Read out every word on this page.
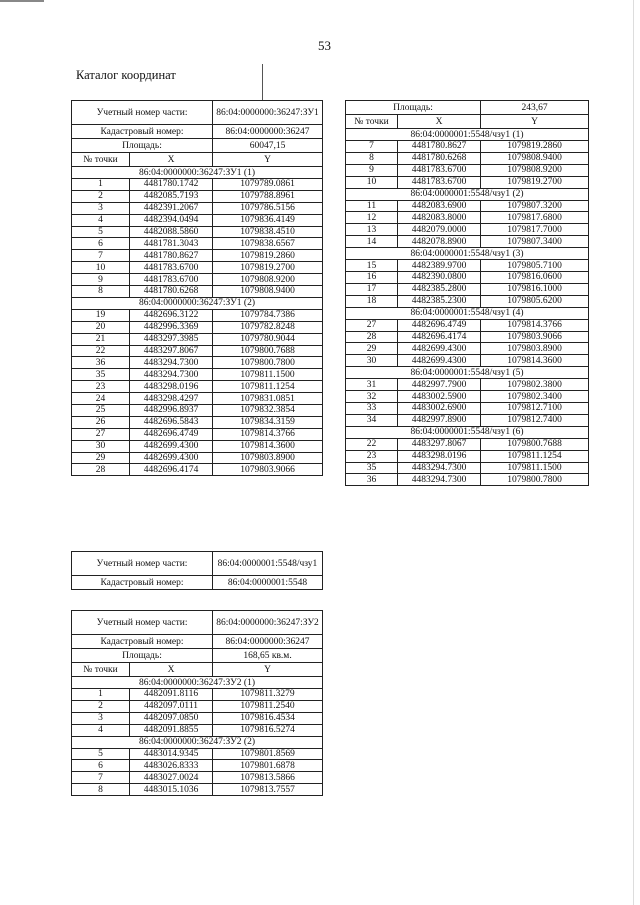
53
Каталог координат
Учетный номер части:		86:04:0000000:36247:ЗУ1
Кадастровый номер:		86:04:0000000:36247
Площадь:		60047,15
№ точки	X	Y
86:04:0000000:36247:ЗУ1 (1)		
1	4481780.1742	1079789.0861
2	4482085.7193	1079788.8961
3	4482391.2067	1079786.5156
4	4482394.0494	1079836.4149
5	4482088.5860	1079838.4510
6	4481781.3043	1079838.6567
7	4481780.8627	1079819.2860
10	4481783.6700	1079819.2700
9	4481783.6700	1079808.9200
8	4481780.6268	1079808.9400
86:04:0000000:36247:ЗУ1 (2)		
19	4482696.3122	1079784.7386
20	4482996.3369	1079782.8248
21	4483297.3985	1079780.9044
22	4483297.8067	1079800.7688
36	4483294.7300	1079800.7800
35	4483294.7300	1079811.1500
23	4483298.0196	1079811.1254
24	4483298.4297	1079831.0851
25	4482996.8937	1079832.3854
26	4482696.5843	1079834.3159
27	4482696.4749	1079814.3766
30	4482699.4300	1079814.3600
29	4482699.4300	1079803.8900
28	4482696.4174	1079803.9066
Учетный номер части:	86:04:0000001:5548/чзу1
Кадастровый номер:	86:04:0000001:5548
Учетный номер части:		86:04:0000000:36247:ЗУ2
Кадастровый номер:		86:04:0000000:36247
Площадь:		168,65 кв.м.
№ точки	X	Y
86:04:0000000:36247:ЗУ2 (1)		
1	4482091.8116	1079811.3279
2	4482097.0111	1079811.2540
3	4482097.0850	1079816.4534
4	4482091.8855	1079816.5274
86:04:0000000:36247:ЗУ2 (2)		
5	4483014.9345	1079801.8569
6	4483026.8333	1079801.6878
7	4483027.0024	1079813.5866
8	4483015.1036	1079813.7557
Площадь:		243,67
№ точки	X	Y
86:04:0000001:5548/чзу1 (1)		
7	4481780.8627	1079819.2860
8	4481780.6268	1079808.9400
9	4481783.6700	1079808.9200
10	4481783.6700	1079819.2700
86:04:0000001:5548/чзу1 (2)		
11	4482083.6900	1079807.3200
12	4482083.8000	1079817.6800
13	4482079.0000	1079817.7000
14	4482078.8900	1079807.3400
86:04:0000001:5548/чзу1 (3)		
15	4482389.9700	1079805.7100
16	4482390.0800	1079816.0600
17	4482385.2800	1079816.1000
18	4482385.2300	1079805.6200
86:04:0000001:5548/чзу1 (4)		
27	4482696.4749	1079814.3766
28	4482696.4174	1079803.9066
29	4482699.4300	1079803.8900
30	4482699.4300	1079814.3600
86:04:0000001:5548/чзу1 (5)		
31	4482997.7900	1079802.3800
32	4483002.5900	1079802.3400
33	4483002.6900	1079812.7100
34	4482997.8900	1079812.7400
86:04:0000001:5548/чзу1 (6)		
22	4483297.8067	1079800.7688
23	4483298.0196	1079811.1254
35	4483294.7300	1079811.1500
36	4483294.7300	1079800.7800
